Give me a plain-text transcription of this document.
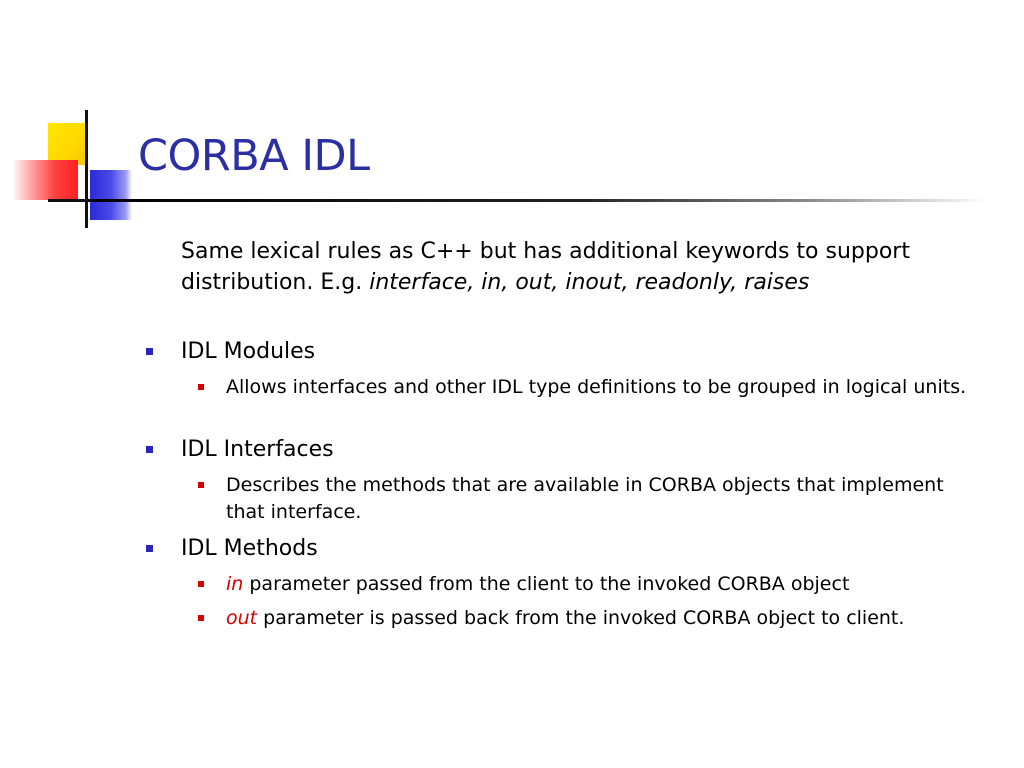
CORBA IDL

Same lexical rules as C++ but has additional keywords to support distribution. E.g. interface, in, out, inout, readonly, raises

IDL Modules

Allows interfaces and other IDL type definitions to be grouped in logical units.

IDL Interfaces

Describes the methods that are available in CORBA objects that implement that interface.

IDL Methods

in parameter passed from the client to the invoked CORBA object

out parameter is passed back from the invoked CORBA object to client.
